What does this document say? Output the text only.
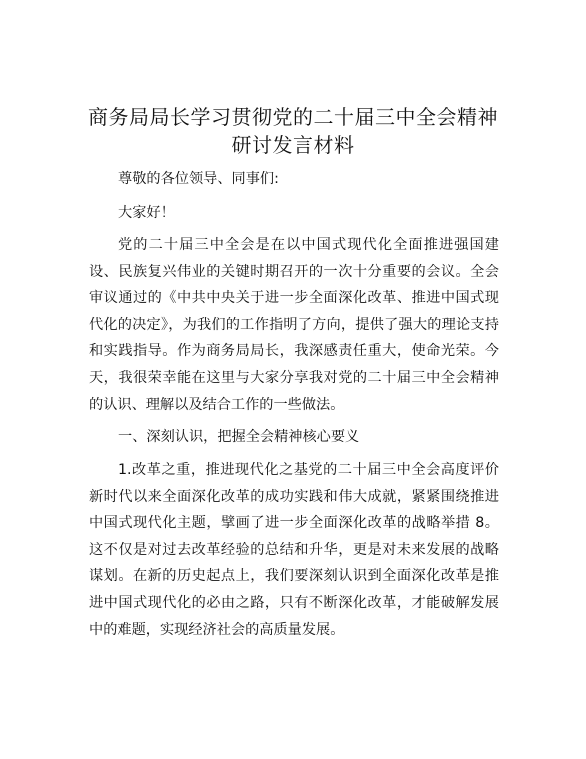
商务局局长学习贯彻党的二十届三中全会精神
研讨发言材料

尊敬的各位领导、同事们:

大家好！

党的二十届三中全会是在以中国式现代化全面推进强国建设、民族复兴伟业的关键时期召开的一次十分重要的会议。全会审议通过的《中共中央关于进一步全面深化改革、推进中国式现代化的决定》，为我们的工作指明了方向，提供了强大的理论支持和实践指导。作为商务局局长，我深感责任重大，使命光荣。今天，我很荣幸能在这里与大家分享我对党的二十届三中全会精神的认识、理解以及结合工作的一些做法。

一、深刻认识，把握全会精神核心要义

1.改革之重，推进现代化之基党的二十届三中全会高度评价新时代以来全面深化改革的成功实践和伟大成就，紧紧围绕推进中国式现代化主题，擘画了进一步全面深化改革的战略举措 8。这不仅是对过去改革经验的总结和升华，更是对未来发展的战略谋划。在新的历史起点上，我们要深刻认识到全面深化改革是推进中国式现代化的必由之路，只有不断深化改革，才能破解发展中的难题，实现经济社会的高质量发展。
